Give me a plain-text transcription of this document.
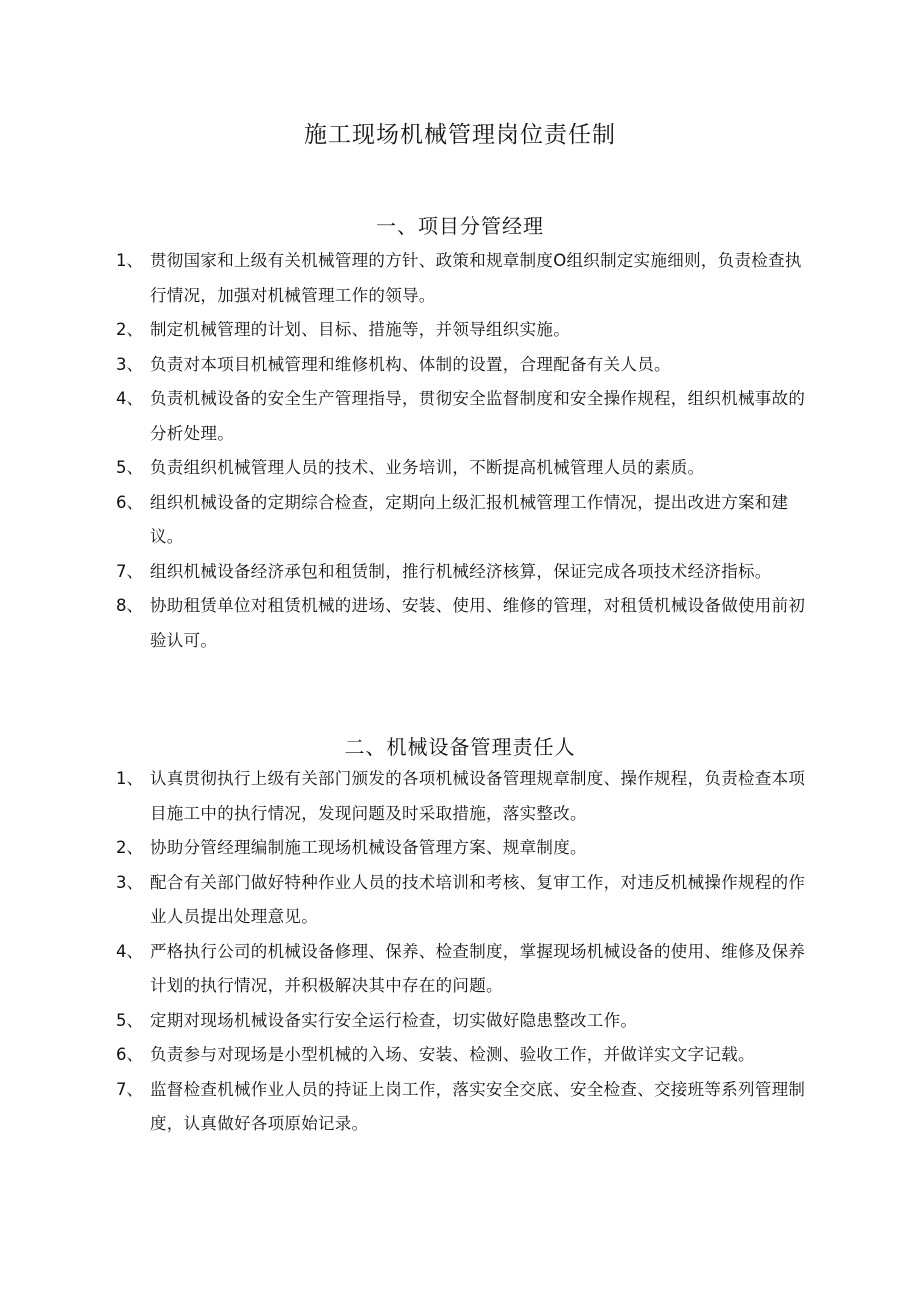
施工现场机械管理岗位责任制
一、项目分管经理
1、 贯彻国家和上级有关机械管理的方针、政策和规章制度O组织制定实施细则，负责检查执行情况，加强对机械管理工作的领导。
2、 制定机械管理的计划、目标、措施等，并领导组织实施。
3、 负责对本项目机械管理和维修机构、体制的设置，合理配备有关人员。
4、 负责机械设备的安全生产管理指导，贯彻安全监督制度和安全操作规程，组织机械事故的分析处理。
5、 负责组织机械管理人员的技术、业务培训，不断提高机械管理人员的素质。
6、 组织机械设备的定期综合检查，定期向上级汇报机械管理工作情况，提出改进方案和建议。
7、 组织机械设备经济承包和租赁制，推行机械经济核算，保证完成各项技术经济指标。
8、 协助租赁单位对租赁机械的进场、安装、使用、维修的管理，对租赁机械设备做使用前初验认可。
二、机械设备管理责任人
1、 认真贯彻执行上级有关部门颁发的各项机械设备管理规章制度、操作规程，负责检查本项目施工中的执行情况，发现问题及时采取措施，落实整改。
2、 协助分管经理编制施工现场机械设备管理方案、规章制度。
3、 配合有关部门做好特种作业人员的技术培训和考核、复审工作，对违反机械操作规程的作业人员提出处理意见。
4、 严格执行公司的机械设备修理、保养、检查制度，掌握现场机械设备的使用、维修及保养计划的执行情况，并积极解决其中存在的问题。
5、 定期对现场机械设备实行安全运行检查，切实做好隐患整改工作。
6、 负责参与对现场是小型机械的入场、安装、检测、验收工作，并做详实文字记载。
7、 监督检查机械作业人员的持证上岗工作，落实安全交底、安全检查、交接班等系列管理制度，认真做好各项原始记录。
